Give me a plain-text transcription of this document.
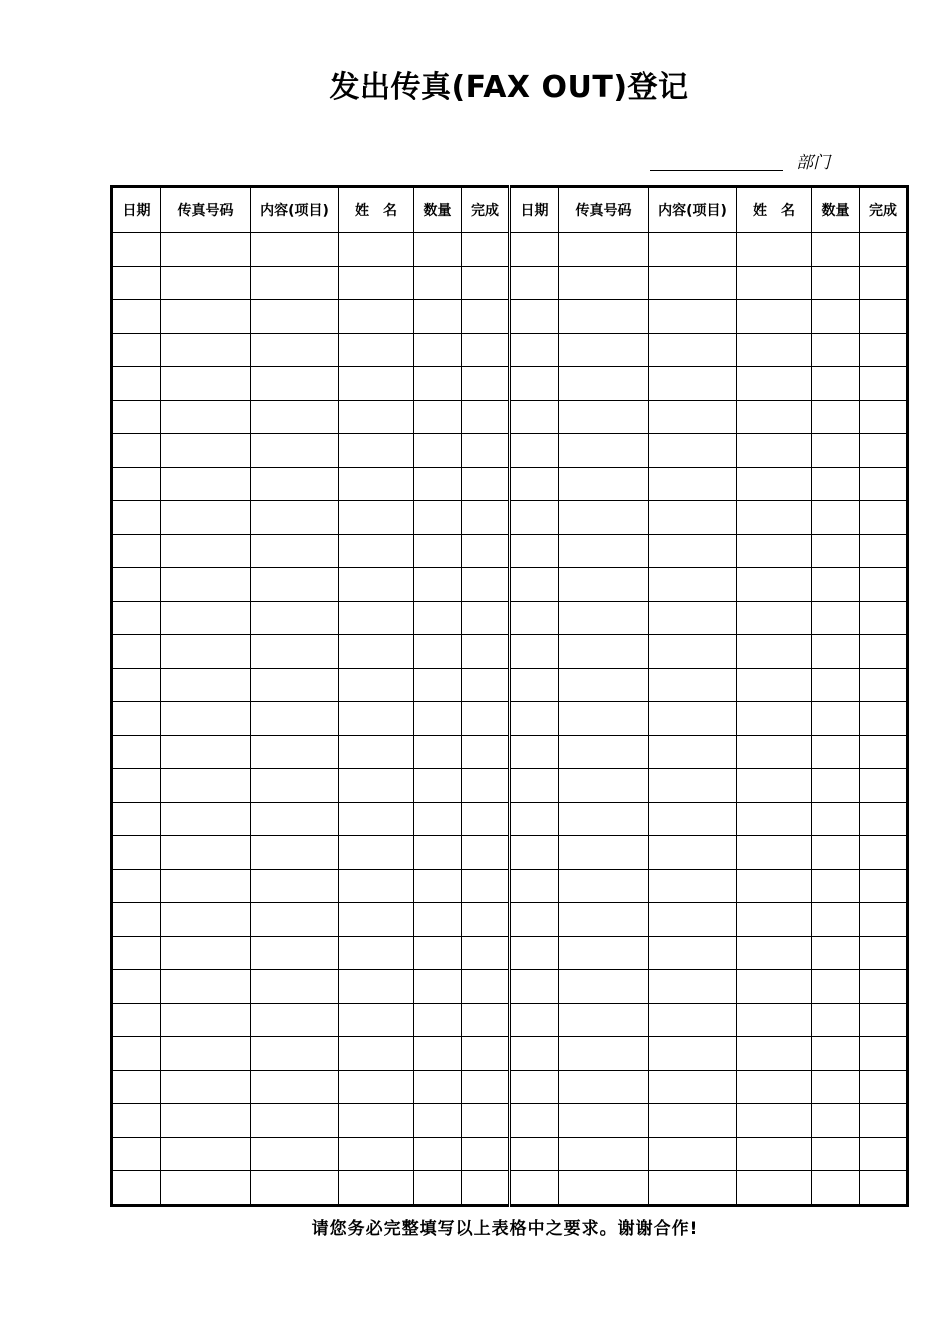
发出传真(FAX OUT)登记
部门
日期	传真号码	内容(项目)	姓　名	数量	完成	日期	传真号码	内容(项目)	姓　名	数量	完成

请您务必完整填写以上表格中之要求。谢谢合作!
